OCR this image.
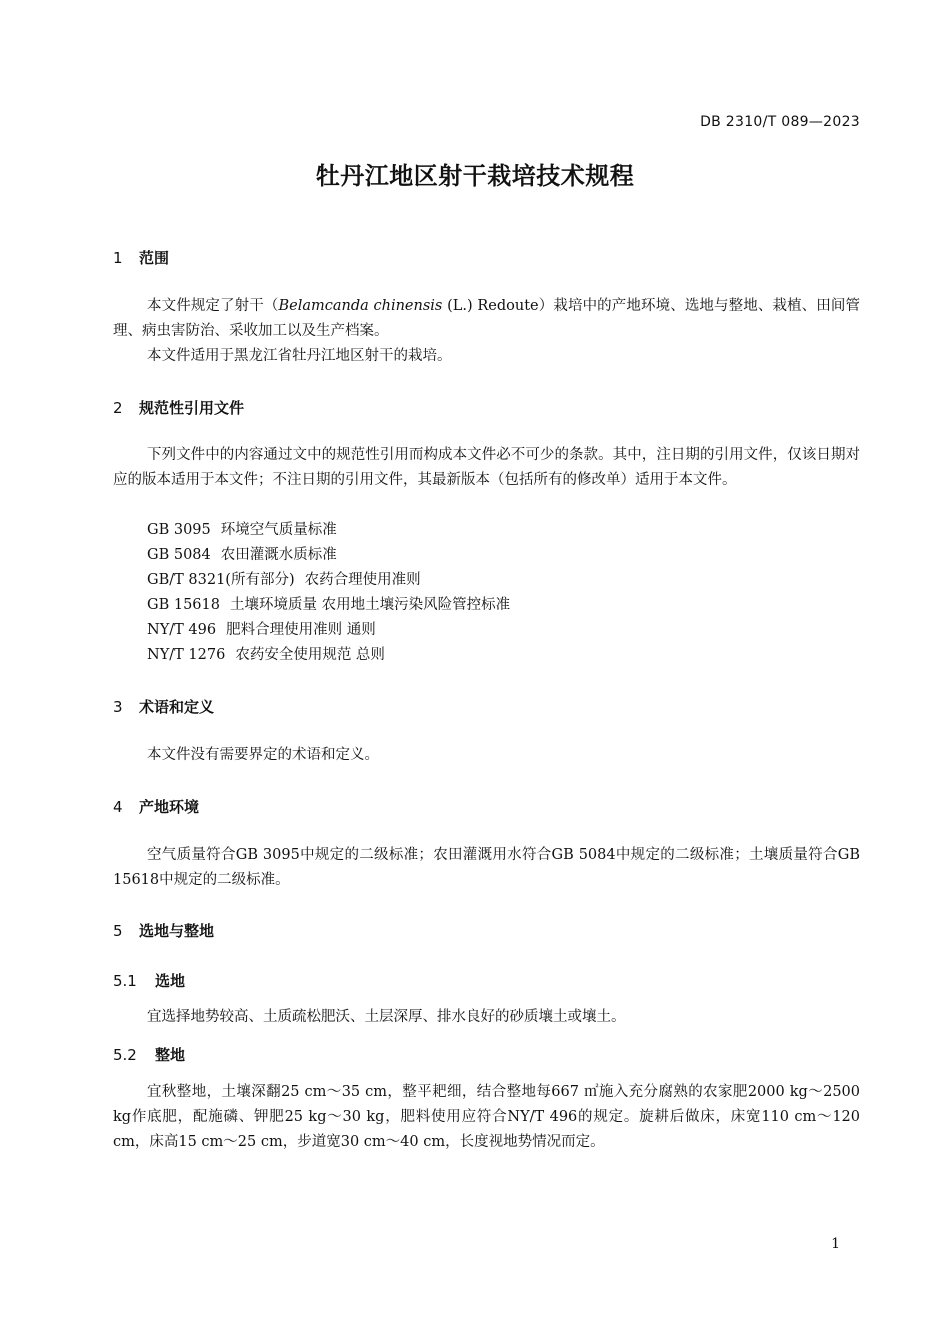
DB 2310/T 089—2023
牡丹江地区射干栽培技术规程
1 范围
本文件规定了射干（Belamcanda chinensis (L.) Redoute）栽培中的产地环境、选地与整地、栽植、田间管理、病虫害防治、采收加工以及生产档案。
本文件适用于黑龙江省牡丹江地区射干的栽培。
2 规范性引用文件
下列文件中的内容通过文中的规范性引用而构成本文件必不可少的条款。其中，注日期的引用文件，仅该日期对应的版本适用于本文件；不注日期的引用文件，其最新版本（包括所有的修改单）适用于本文件。
GB 3095 环境空气质量标准
GB 5084 农田灌溉水质标准
GB/T 8321(所有部分) 农药合理使用准则
GB 15618 土壤环境质量 农用地土壤污染风险管控标准
NY/T 496 肥料合理使用准则 通则
NY/T 1276 农药安全使用规范 总则
3 术语和定义
本文件没有需要界定的术语和定义。
4 产地环境
空气质量符合GB 3095中规定的二级标准；农田灌溉用水符合GB 5084中规定的二级标准；土壤质量符合GB 15618中规定的二级标准。
5 选地与整地
5.1 选地
宜选择地势较高、土质疏松肥沃、土层深厚、排水良好的砂质壤土或壤土。
5.2 整地
宜秋整地，土壤深翻25 cm～35 cm，整平耙细，结合整地每667 ㎡施入充分腐熟的农家肥2000 kg～2500 kg作底肥，配施磷、钾肥25 kg～30 kg，肥料使用应符合NY/T 496的规定。旋耕后做床，床宽110 cm～120 cm，床高15 cm～25 cm，步道宽30 cm～40 cm，长度视地势情况而定。
1
